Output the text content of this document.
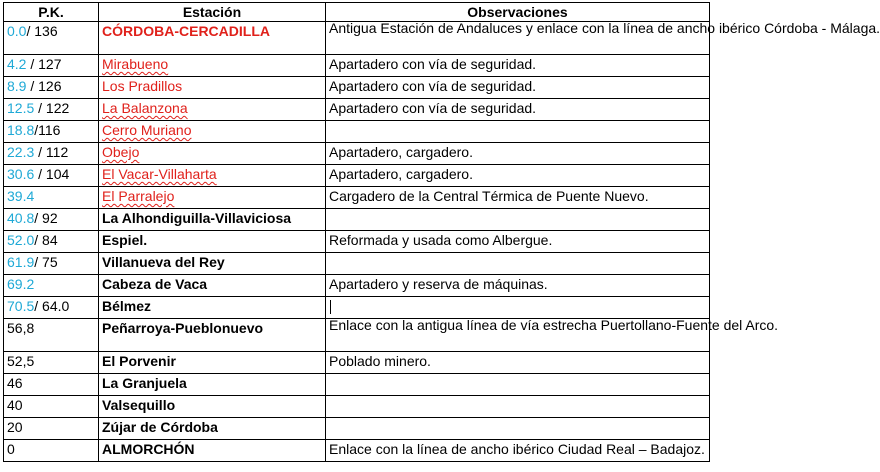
P.K.	Estación	Observaciones
0.0/ 136	CÓRDOBA-CERCADILLA	Antigua Estación de Andaluces y enlace con la línea de ancho ibérico Córdoba - Málaga.
4.2 / 127	Mirabueno	Apartadero con vía de seguridad.
8.9 / 126	Los Pradillos	Apartadero con vía de seguridad.
12.5 / 122	La Balanzona	Apartadero con vía de seguridad.
18.8/116	Cerro Muriano	
22.3 / 112	Obejo	Apartadero, cargadero.
30.6 / 104	El Vacar-Villaharta	Apartadero, cargadero.
39.4	El Parralejo	Cargadero de la Central Térmica de Puente Nuevo.
40.8/ 92	La Alhondiguilla-Villaviciosa	
52.0/ 84	Espiel.	Reformada y usada como Albergue.
61.9/ 75	Villanueva del Rey	
69.2	Cabeza de Vaca	Apartadero y reserva de máquinas.
70.5/ 64.0	Bélmez	
56,8	Peñarroya-Pueblonuevo	Enlace con la antigua línea de vía estrecha Puertollano-Fuente del Arco.
52,5	El Porvenir	Poblado minero.
46	La Granjuela	
40	Valsequillo	
20	Zújar de Córdoba	
0	ALMORCHÓN	Enlace con la línea de ancho ibérico Ciudad Real – Badajoz.
